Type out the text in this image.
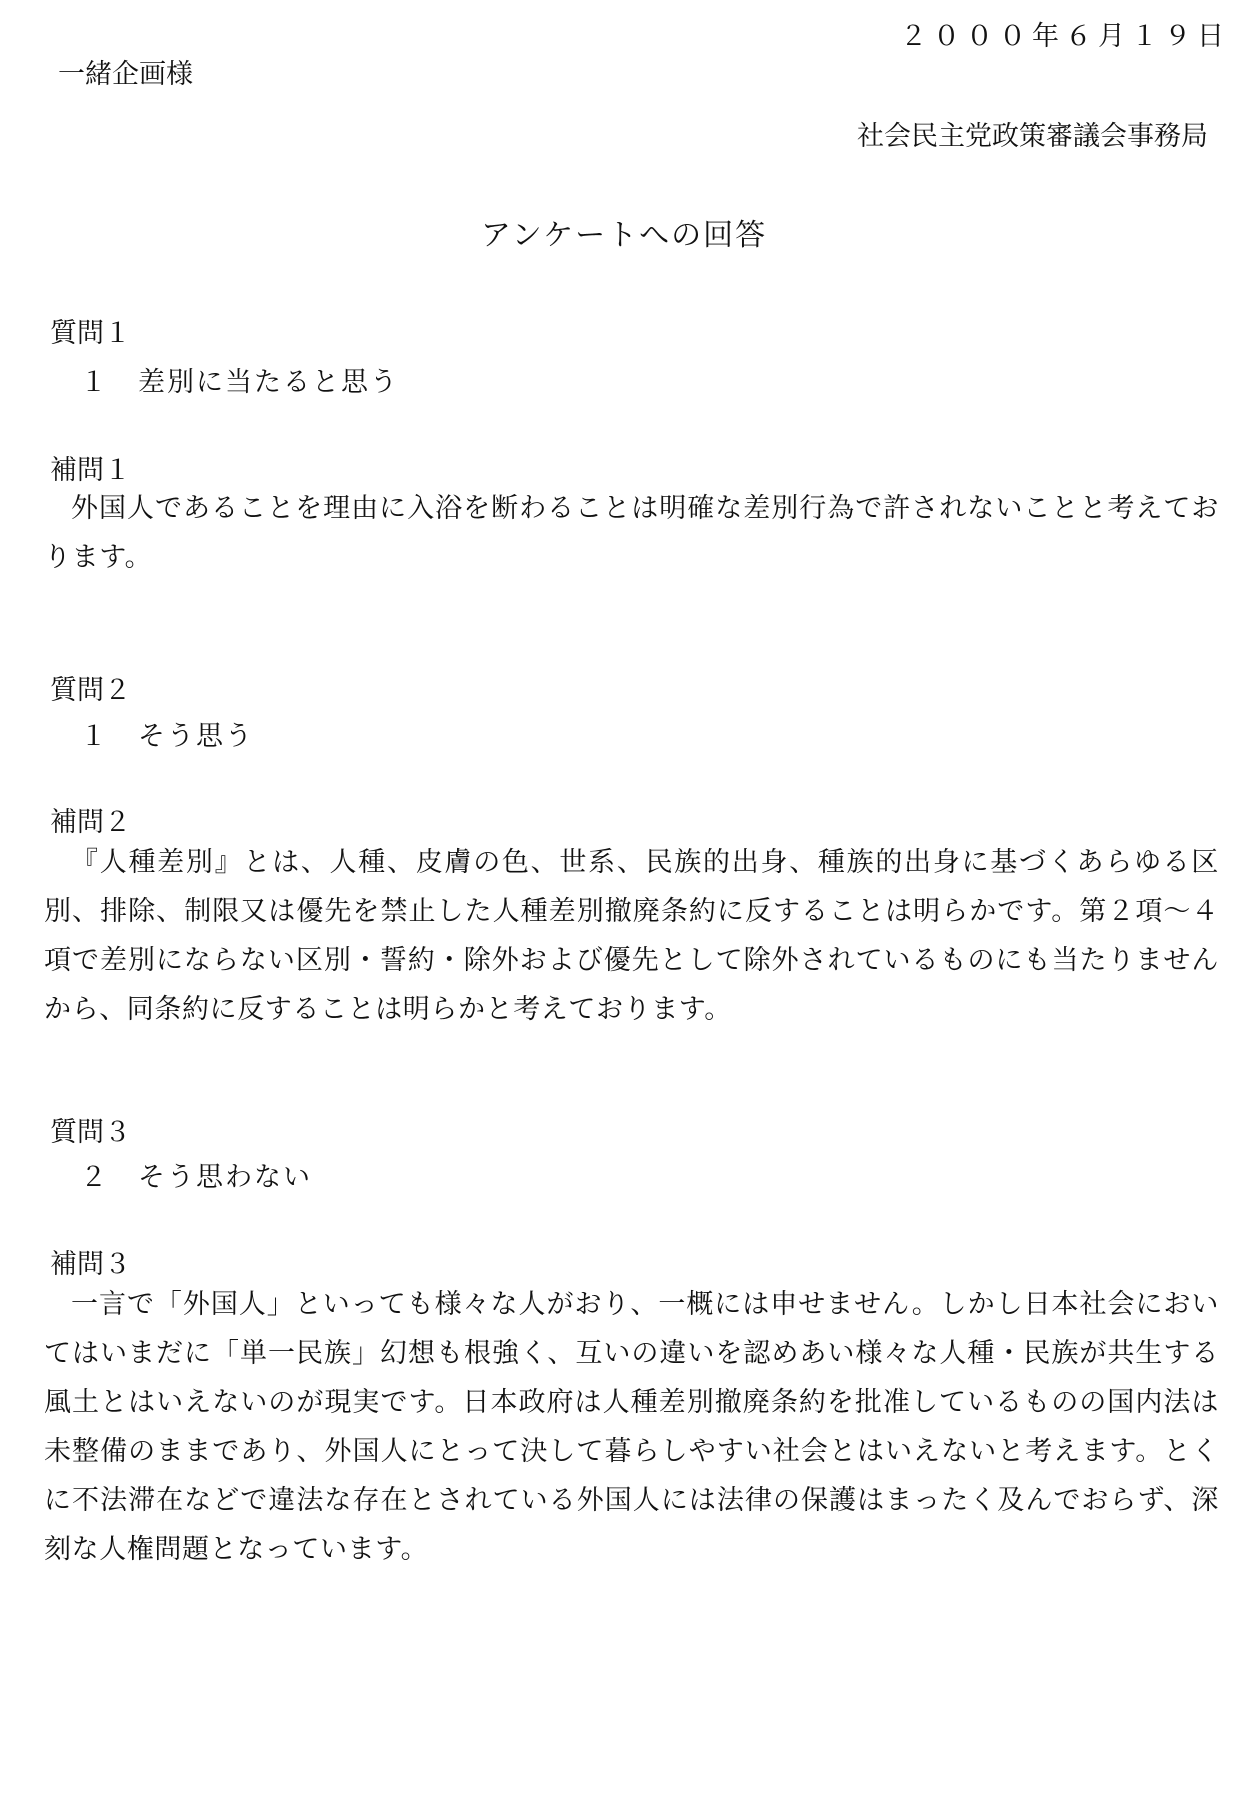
２０００年６月１９日
一緒企画様
社会民主党政策審議会事務局
アンケートへの回答
質問１
１　差別に当たると思う
補問１

外国人であることを理由に入浴を断わることは明確な差別行為で許されないことと考えております。

質問２
１　そう思う
補問２

『人種差別』とは、人種、皮膚の色、世系、民族的出身、種族的出身に基づくあらゆる区別、排除、制限又は優先を禁止した人種差別撤廃条約に反することは明らかです。第２項～４項で差別にならない区別・誓約・除外および優先として除外されているものにも当たりませんから、同条約に反することは明らかと考えております。

質問３
２　そう思わない
補問３

一言で「外国人」といっても様々な人がおり、一概には申せません。しかし日本社会においてはいまだに「単一民族」幻想も根強く、互いの違いを認めあい様々な人種・民族が共生する風土とはいえないのが現実です。日本政府は人種差別撤廃条約を批准しているものの国内法は未整備のままであり、外国人にとって決して暮らしやすい社会とはいえないと考えます。とくに不法滞在などで違法な存在とされている外国人には法律の保護はまったく及んでおらず、深刻な人権問題となっています。
